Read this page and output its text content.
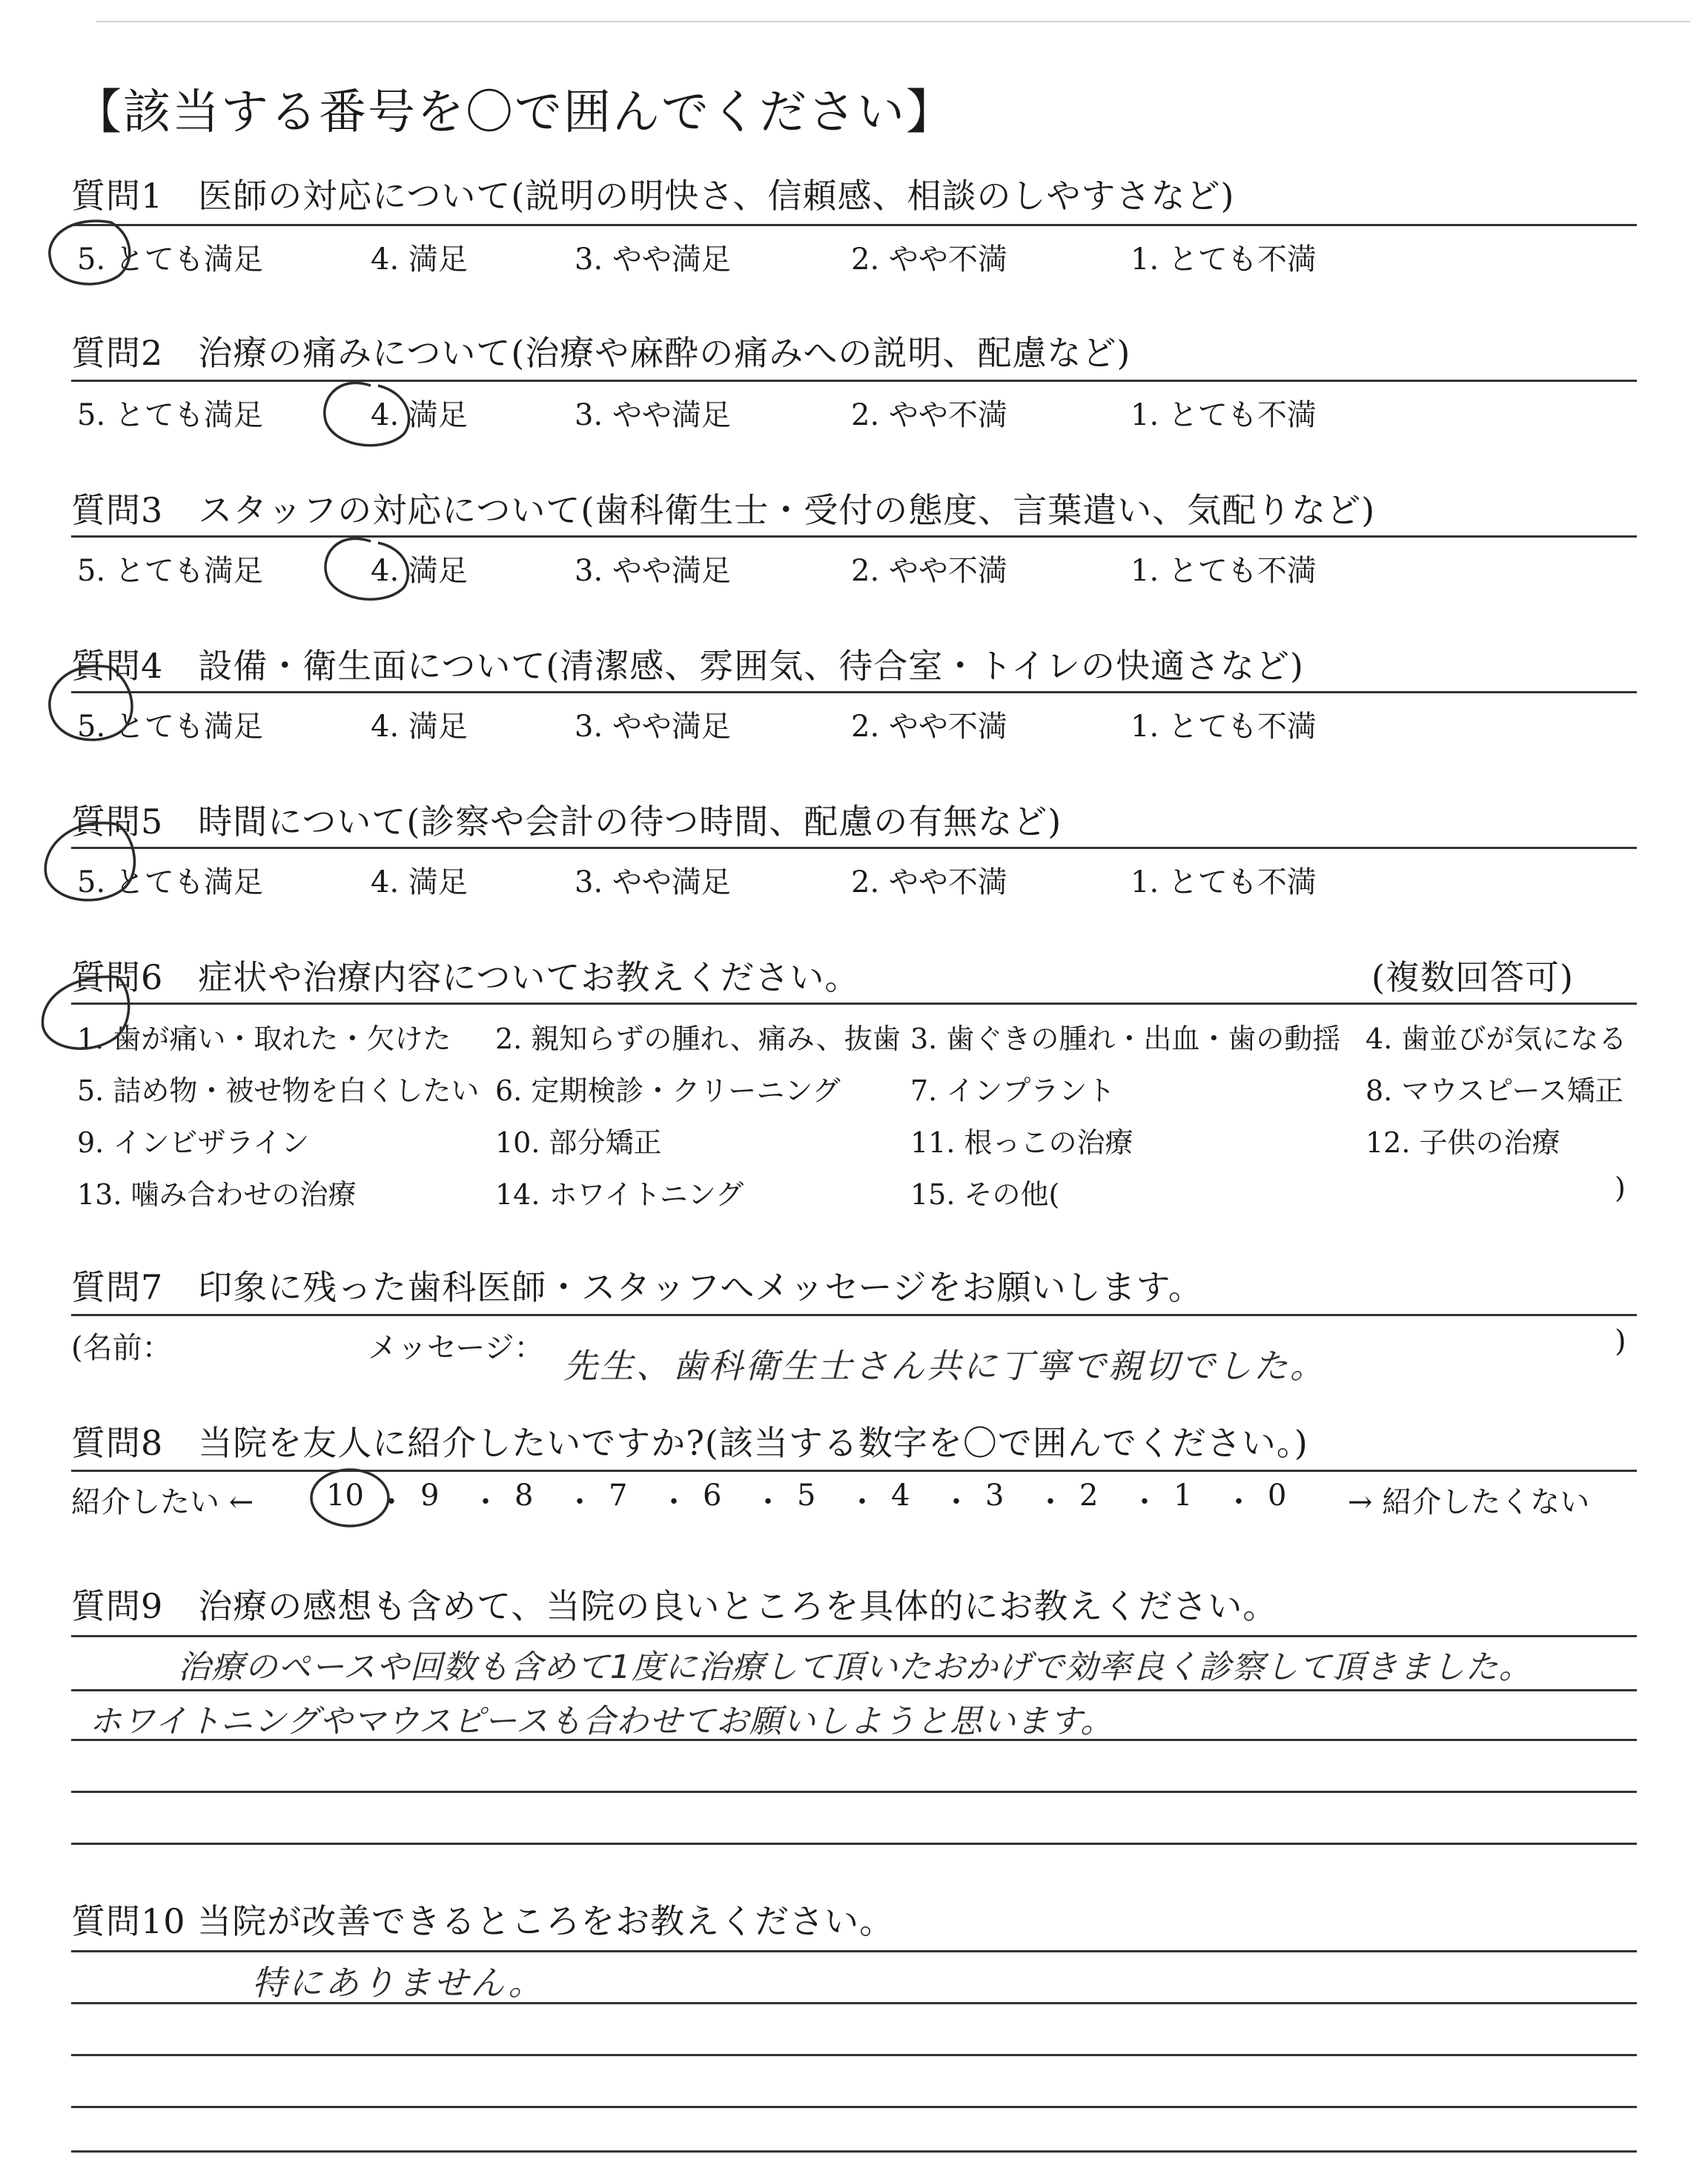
【該当する番号を〇で囲んでください】
質問1　医師の対応について(説明の明快さ、信頼感、相談のしやすさなど)
5. とても満足	4. 満足	3. やや満足	2. やや不満	1. とても不満
質問2　治療の痛みについて(治療や麻酔の痛みへの説明、配慮など)
5. とても満足	4. 満足	3. やや満足	2. やや不満	1. とても不満
質問3　スタッフの対応について(歯科衛生士・受付の態度、言葉遣い、気配りなど)
5. とても満足	4. 満足	3. やや満足	2. やや不満	1. とても不満
質問4　設備・衛生面について(清潔感、雰囲気、待合室・トイレの快適さなど)
5. とても満足	4. 満足	3. やや満足	2. やや不満	1. とても不満
質問5　時間について(診察や会計の待つ時間、配慮の有無など)
5. とても満足	4. 満足	3. やや満足	2. やや不満	1. とても不満
質問6　症状や治療内容についてお教えください。	(複数回答可)
1. 歯が痛い・取れた・欠けた 2. 親知らずの腫れ、痛み、抜歯 3. 歯ぐきの腫れ・出血・歯の動揺 4. 歯並びが気になる
5. 詰め物・被せ物を白くしたい 6. 定期検診・クリーニング 7. インプラント	8. マウスピース矯正
9. インビザライン	10. 部分矯正	11. 根っこの治療	12. 子供の治療
13. 噛み合わせの治療	14. ホワイトニング	15. その他(	)
質問7　印象に残った歯科医師・スタッフへメッセージをお願いします。
(名前：	メッセージ： 先生、歯科衛生士さん共に丁寧で親切でした。
)
質問8　当院を友人に紹介したいですか?(該当する数字を〇で囲んでください。)
紹介したい ← 10 ・ 9 ・ 8 ・ 7 ・ 6 ・ 5 ・ 4 ・ 3 ・ 2 ・ 1 ・ 0 → 紹介したくない
質問9　治療の感想も含めて、当院の良いところを具体的にお教えください。
治療のペースや回数も含めて1度に治療して頂いたおかげで効率良く診察して頂きました。
ホワイトニングやマウスピースも合わせてお願いしようと思います。
質問10 当院が改善できるところをお教えください。
特にありません。
